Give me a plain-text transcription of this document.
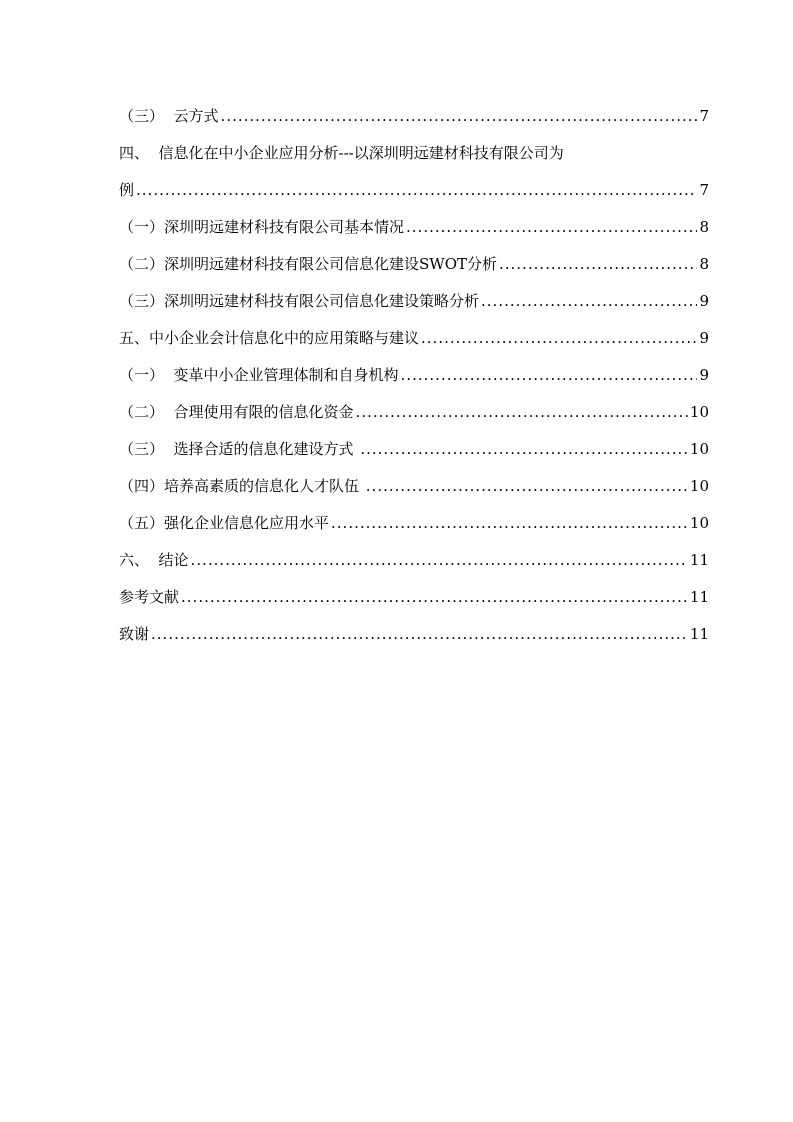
（三）  云方式 .....	7
四、  信息化在中小企业应用分析---以深圳明远建材科技有限公司为
例 .....	7
（一）深圳明远建材科技有限公司基本情况 .....	8
（二）深圳明远建材科技有限公司信息化建设SWOT分析 .....	8
（三）深圳明远建材科技有限公司信息化建设策略分析 .....	9
五、中小企业会计信息化中的应用策略与建议 .....	9
（一）  变革中小企业管理体制和自身机构 .....	9
（二）  合理使用有限的信息化资金 .....	10
（三）  选择合适的信息化建设方式 .....	10
（四）培养高素质的信息化人才队伍 .....	10
（五）强化企业信息化应用水平 .....	10
六、  结论 .....	11
参考文献 .....	11
致谢 .....	11
